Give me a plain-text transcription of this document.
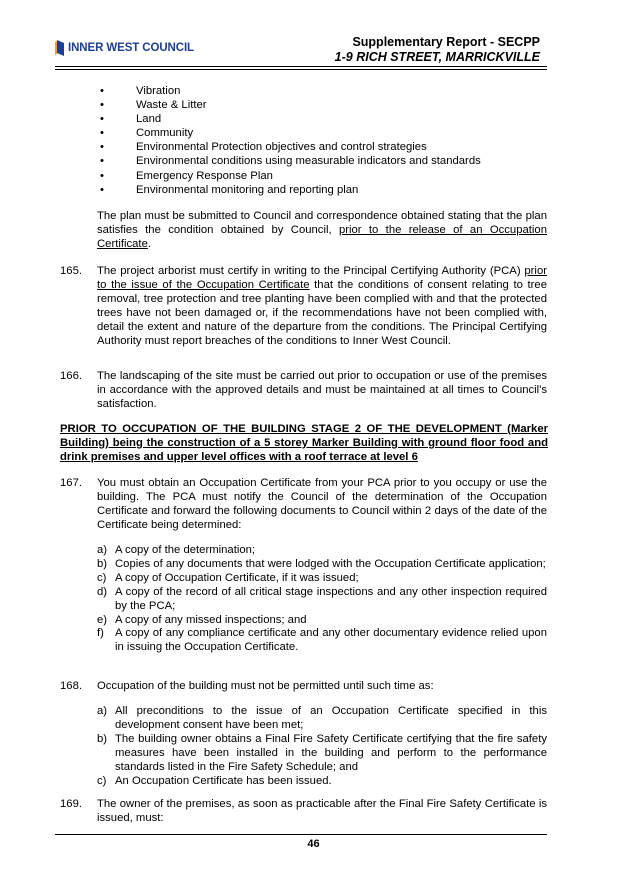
INNER WEST COUNCIL	Supplementary Report - SECPP
1-9 RICH STREET, MARRICKVILLE
• Vibration
• Waste & Litter
• Land
• Community
• Environmental Protection objectives and control strategies
• Environmental conditions using measurable indicators and standards
• Emergency Response Plan
• Environmental monitoring and reporting plan

The plan must be submitted to Council and correspondence obtained stating that the plan satisfies the condition obtained by Council, prior to the release of an Occupation Certificate.

165. The project arborist must certify in writing to the Principal Certifying Authority (PCA) prior to the issue of the Occupation Certificate that the conditions of consent relating to tree removal, tree protection and tree planting have been complied with and that the protected trees have not been damaged or, if the recommendations have not been complied with, detail the extent and nature of the departure from the conditions. The Principal Certifying Authority must report breaches of the conditions to Inner West Council.

166. The landscaping of the site must be carried out prior to occupation or use of the premises in accordance with the approved details and must be maintained at all times to Council's satisfaction.

PRIOR TO OCCUPATION OF THE BUILDING STAGE 2 OF THE DEVELOPMENT (Marker Building) being the construction of a 5 storey Marker Building with ground floor food and drink premises and upper level offices with a roof terrace at level 6

167. You must obtain an Occupation Certificate from your PCA prior to you occupy or use the building. The PCA must notify the Council of the determination of the Occupation Certificate and forward the following documents to Council within 2 days of the date of the Certificate being determined:

a) A copy of the determination;
b) Copies of any documents that were lodged with the Occupation Certificate application;
c) A copy of Occupation Certificate, if it was issued;
d) A copy of the record of all critical stage inspections and any other inspection required by the PCA;
e) A copy of any missed inspections; and
f) A copy of any compliance certificate and any other documentary evidence relied upon in issuing the Occupation Certificate.
168. Occupation of the building must not be permitted until such time as:

a) All preconditions to the issue of an Occupation Certificate specified in this development consent have been met;
b) The building owner obtains a Final Fire Safety Certificate certifying that the fire safety measures have been installed in the building and perform to the performance standards listed in the Fire Safety Schedule; and
c) An Occupation Certificate has been issued.
169. The owner of the premises, as soon as practicable after the Final Fire Safety Certificate is issued, must:

46
